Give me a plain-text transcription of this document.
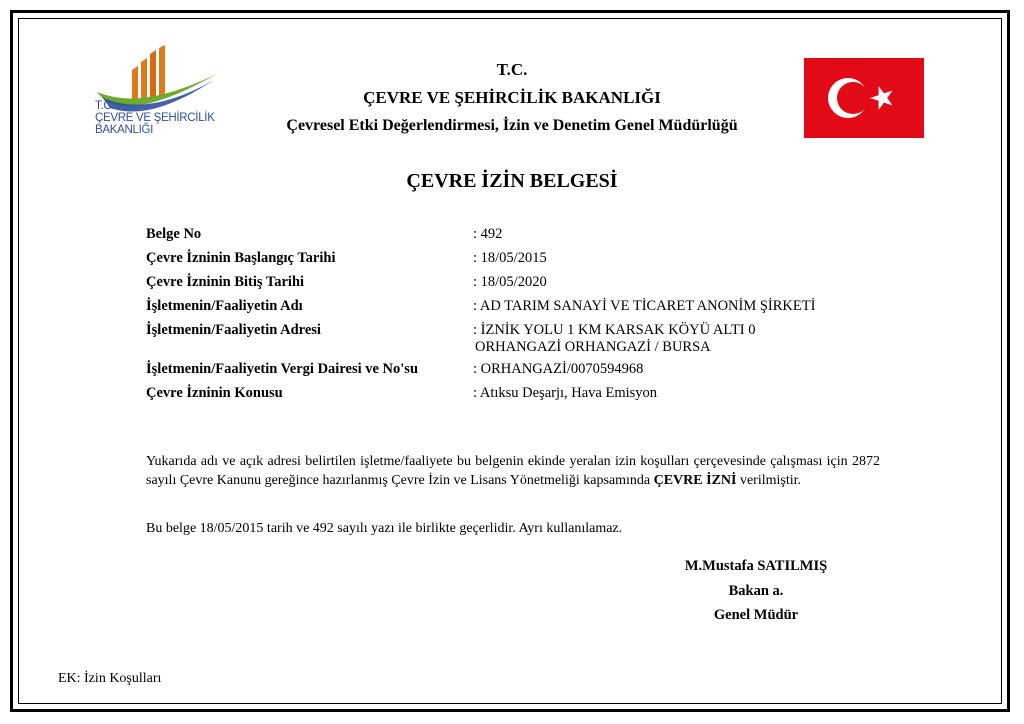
T.C.
ÇEVRE VE ŞEHİRCİLİK
BAKANLIĞI
T.C.
ÇEVRE VE ŞEHİRCİLİK BAKANLIĞI
Çevresel Etki Değerlendirmesi, İzin ve Denetim Genel Müdürlüğü
ÇEVRE İZİN BELGESİ
Belge No	: 492
Çevre İzninin Başlangıç Tarihi	: 18/05/2015
Çevre İzninin Bitiş Tarihi	: 18/05/2020
İşletmenin/Faaliyetin Adı	: AD TARIM SANAYİ VE TİCARET ANONİM ŞİRKETİ
İşletmenin/Faaliyetin Adresi	: İZNİK YOLU 1 KM KARSAK KÖYÜ ALTI 0
ORHANGAZİ ORHANGAZİ / BURSA
İşletmenin/Faaliyetin Vergi Dairesi ve No'su	: ORHANGAZİ/0070594968
Çevre İzninin Konusu	: Atıksu Deşarjı, Hava Emisyon
Yukarıda adı ve açık adresi belirtilen işletme/faaliyete bu belgenin ekinde yeralan izin koşulları çerçevesinde çalışması için 2872 sayılı Çevre Kanunu gereğince hazırlanmış Çevre İzin ve Lisans Yönetmeliği kapsamında ÇEVRE İZNİ verilmiştir.
Bu belge 18/05/2015 tarih ve 492 sayılı yazı ile birlikte geçerlidir. Ayrı kullanılamaz.
M.Mustafa SATILMIŞ
Bakan a.
Genel Müdür
EK: İzin Koşulları
